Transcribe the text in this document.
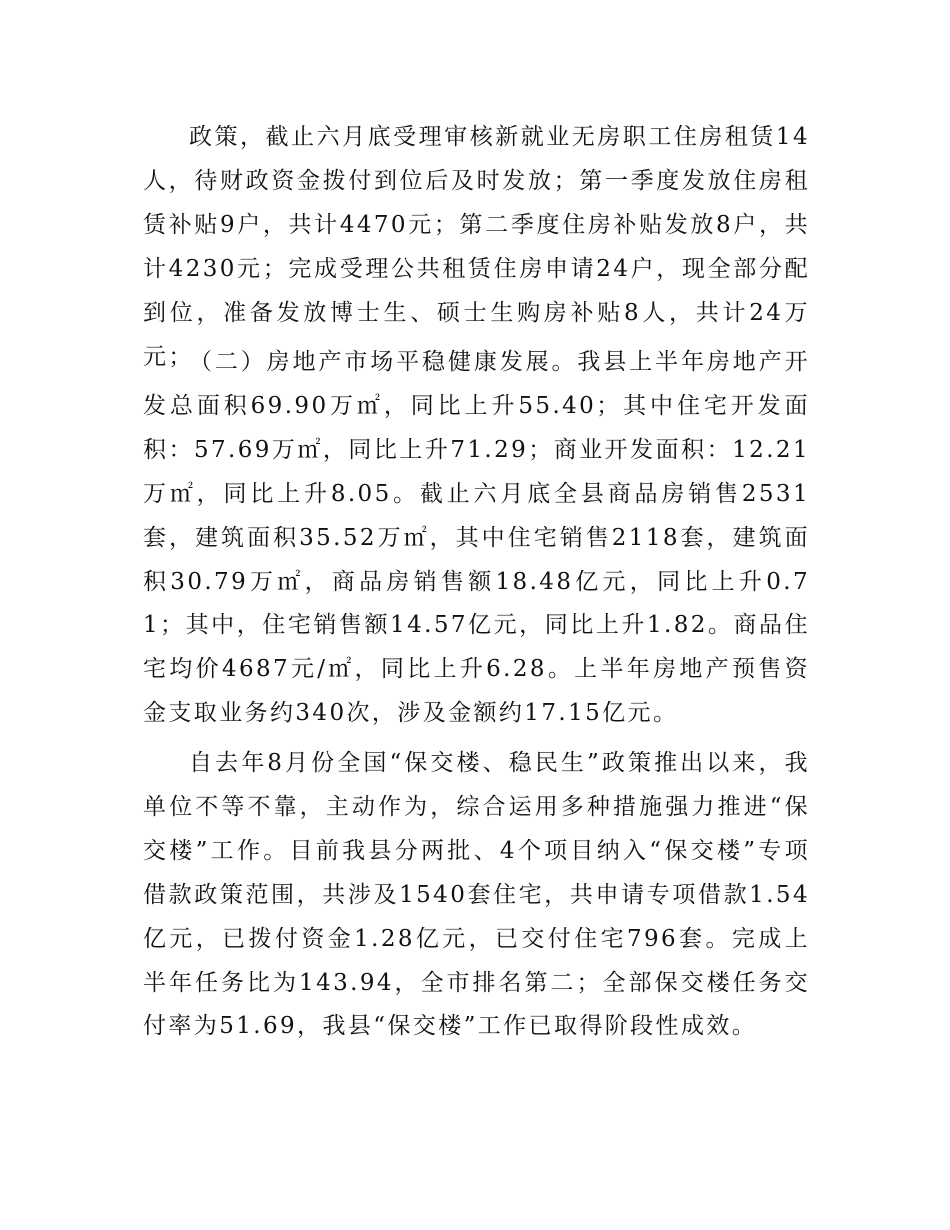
政策，截止六月底受理审核新就业无房职工住房租赁14人，待财政资金拨付到位后及时发放；第一季度发放住房租赁补贴9户，共计4470元；第二季度住房补贴发放8户，共计4230元；完成受理公共租赁住房申请24户，现全部分配到位，准备发放博士生、硕士生购房补贴8人，共计24万元；

（二）房地产市场平稳健康发展。我县上半年房地产开发总面积69.90万㎡，同比上升55.40；其中住宅开发面积：57.69万㎡，同比上升71.29；商业开发面积：12.21万㎡，同比上升8.05。截止六月底全县商品房销售2531套，建筑面积35.52万㎡，其中住宅销售2118套，建筑面积30.79万㎡，商品房销售额18.48亿元，同比上升0.71；其中，住宅销售额14.57亿元，同比上升1.82。商品住宅均价4687元/㎡，同比上升6.28。上半年房地产预售资金支取业务约340次，涉及金额约17.15亿元。

自去年8月份全国“保交楼、稳民生”政策推出以来，我单位不等不靠，主动作为，综合运用多种措施强力推进“保交楼”工作。目前我县分两批、4个项目纳入“保交楼”专项借款政策范围，共涉及1540套住宅，共申请专项借款1.54亿元，已拨付资金1.28亿元，已交付住宅796套。完成上半年任务比为143.94，全市排名第二；全部保交楼任务交付率为51.69，我县“保交楼”工作已取得阶段性成效。
